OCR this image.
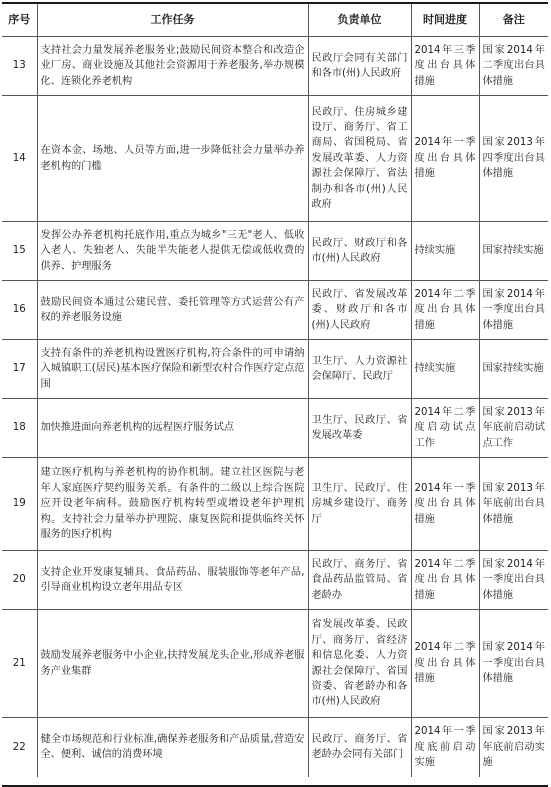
序号	工作任务	负责单位	时间进度	备注
13	支持社会力量发展养老服务业;鼓励民间资本整合和改造企业厂房、商业设施及其他社会资源用于养老服务,举办规模化、连锁化养老机构	民政厅会同有关部门和各市(州)人民政府	2014年三季度出台具体措施	国家2014年二季度出台具体措施
14	在资本金、场地、人员等方面,进一步降低社会力量举办养老机构的门槛	民政厅、住房城乡建设厅、商务厅、省工商局、省国税局、省发展改革委、人力资源社会保障厅、省法制办和各市(州)人民政府	2014年一季度出台具体措施	国家2013年四季度出台具体措施
15	发挥公办养老机构托底作用,重点为城乡"三无"老人、低收入老人、失独老人、失能半失能老人提供无偿或低收费的供养、护理服务	民政厅、财政厅和各市(州)人民政府	持续实施	国家持续实施
16	鼓励民间资本通过公建民营、委托管理等方式运营公有产权的养老服务设施	民政厅、省发展改革委、财政厅和各市(州)人民政府	2014年二季度出台具体措施	国家2014年一季度出台具体措施
17	支持有条件的养老机构设置医疗机构,符合条件的可申请纳入城镇职工(居民)基本医疗保险和新型农村合作医疗定点范围	卫生厅、人力资源社会保障厅、民政厅	持续实施	国家持续实施
18	加快推进面向养老机构的远程医疗服务试点	卫生厅、民政厅、省发展改革委	2014年二季度启动试点工作	国家2013年年底前启动试点工作
19	建立医疗机构与养老机构的协作机制。建立社区医院与老年人家庭医疗契约服务关系。有条件的二级以上综合医院应开设老年病科。鼓励医疗机构转型或增设老年护理机构。支持社会力量举办护理院、康复医院和提供临终关怀服务的医疗机构	卫生厅、民政厅、住房城乡建设厅、商务厅	2014年一季度出台具体措施	国家2013年年底前出台具体措施
20	支持企业开发康复辅具、食品药品、服装服饰等老年产品,引导商业机构设立老年用品专区	民政厅、商务厅、省食品药品监管局、省老龄办	2014年二季度出台具体措施	国家2014年一季度出台具体措施
21	鼓励发展养老服务中小企业,扶持发展龙头企业,形成养老服务产业集群	省发展改革委、民政厅、商务厅、省经济和信息化委、人力资源社会保障厅、省国资委、省老龄办和各市(州)人民政府	2014年二季度出台具体措施	国家2014年一季度出台具体措施
22	健全市场规范和行业标准,确保养老服务和产品质量,营造安全、便利、诚信的消费环境	民政厅、商务厅、省老龄办会同有关部门	2014年一季度底前启动实施	国家2013年年底前启动实施
